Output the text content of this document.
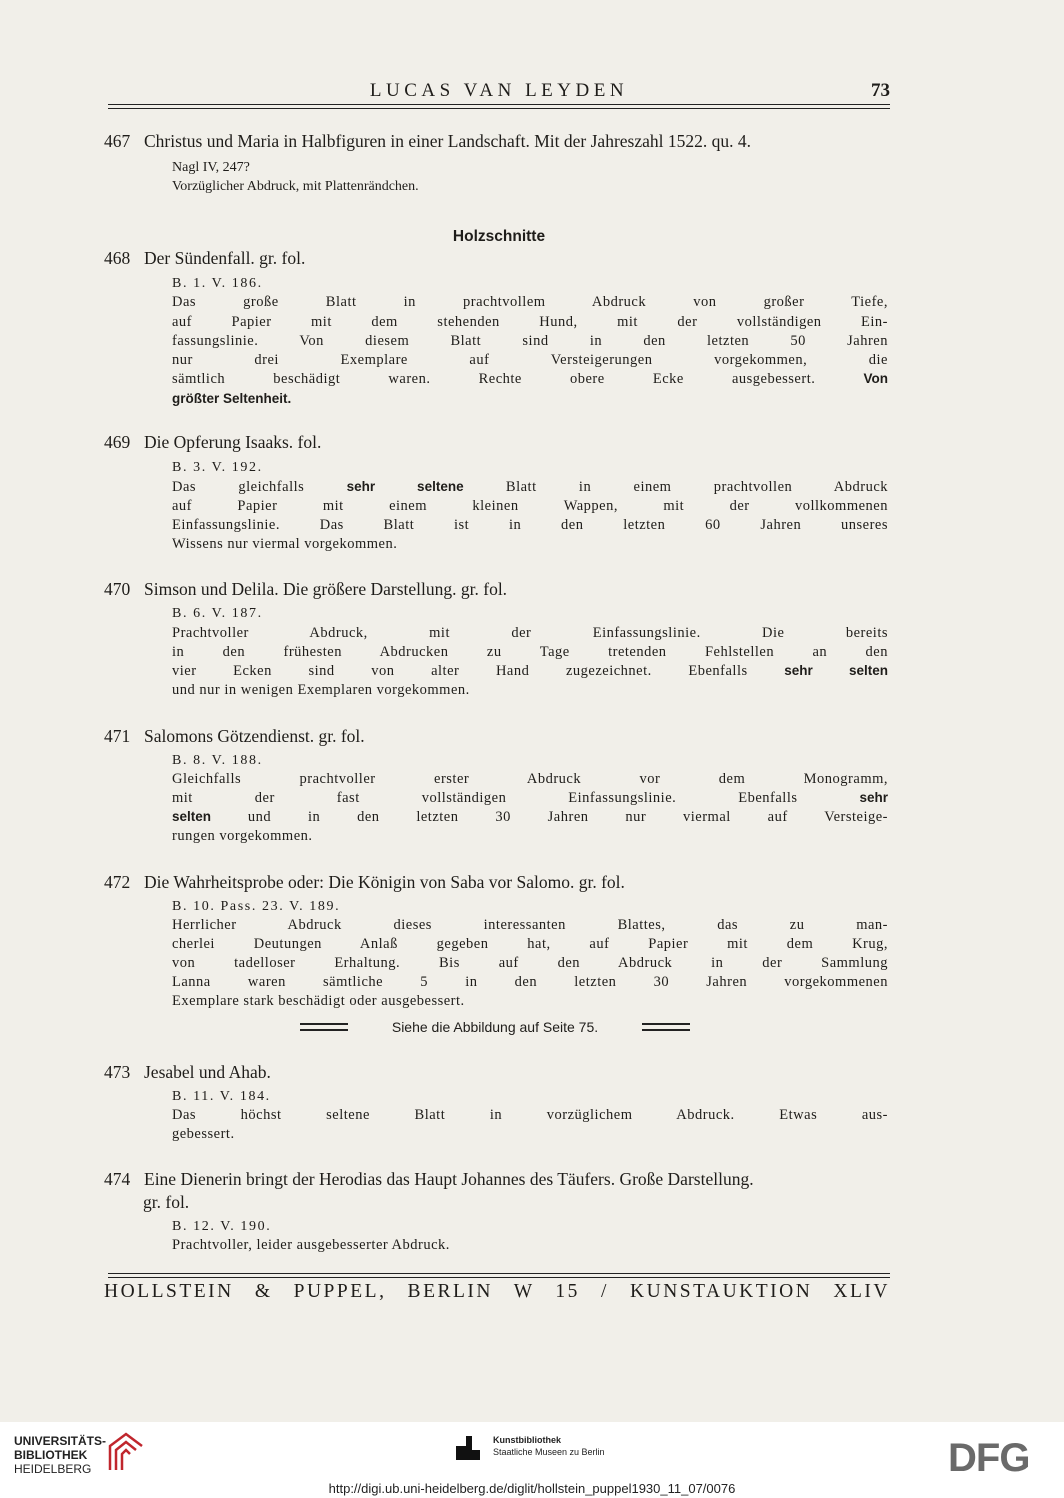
LUCAS VAN LEYDEN	73
467 Christus und Maria in Halbfiguren in einer Landschaft. Mit der Jahreszahl 1522. qu. 4.
Nagl IV, 247?
Vorzüglicher Abdruck, mit Plattenrändchen.
Holzschnitte
468 Der Sündenfall. gr. fol.
B. 1. V. 186.
Das große Blatt in prachtvollem Abdruck von großer Tiefe,
auf Papier mit dem stehenden Hund, mit der vollständigen Ein-
fassungslinie. Von diesem Blatt sind in den letzten 50 Jahren
nur drei Exemplare auf Versteigerungen vorgekommen, die
sämtlich beschädigt waren. Rechte obere Ecke ausgebessert.	Von
größter Seltenheit.
469 Die Opferung Isaaks. fol.
B. 3. V. 192.
Das gleichfalls	sehr seltene	Blatt in einem prachtvollen Abdruck
auf Papier mit einem kleinen Wappen, mit der vollkommenen
Einfassungslinie. Das Blatt ist in den letzten 60 Jahren unseres
Wissens nur viermal vorgekommen.
470 Simson und Delila. Die größere Darstellung. gr. fol.
B. 6. V. 187.
Prachtvoller Abdruck, mit der Einfassungslinie. Die bereits
in den frühesten Abdrucken zu Tage tretenden Fehlstellen an den
vier Ecken sind von alter Hand zugezeichnet. Ebenfalls	sehr selten
und nur in wenigen Exemplaren vorgekommen.
471 Salomons Götzendienst. gr. fol.
B. 8. V. 188.
Gleichfalls prachtvoller erster Abdruck vor dem Monogramm,
mit der fast vollständigen Einfassungslinie. Ebenfalls	sehr
selten	und in den letzten 30 Jahren nur viermal auf Versteige-
rungen vorgekommen.
472 Die Wahrheitsprobe oder: Die Königin von Saba vor Salomo. gr. fol.
B. 10. Pass. 23. V. 189.
Herrlicher Abdruck dieses interessanten Blattes, das zu man-
cherlei Deutungen Anlaß gegeben hat, auf Papier mit dem Krug,
von tadelloser Erhaltung. Bis auf den Abdruck in der Sammlung
Lanna waren sämtliche 5 in den letzten 30 Jahren vorgekommenen
Exemplare stark beschädigt oder ausgebessert.
Siehe die Abbildung auf Seite 75.
473 Jesabel und Ahab.
B. 11. V. 184.
Das höchst seltene Blatt in vorzüglichem Abdruck. Etwas aus-
gebessert.
474 Eine Dienerin bringt der Herodias das Haupt Johannes des Täufers. Große Darstellung.
gr. fol.
B. 12. V. 190.
Prachtvoller, leider ausgebesserter Abdruck.
HOLLSTEIN & PUPPEL, BERLIN W 15 / KUNSTAUKTION XLIV
UNIVERSITÄTS-
BIBLIOTHEK
HEIDELBERG
Kunstbibliothek
Staatliche Museen zu Berlin	DFG
http://digi.ub.uni-heidelberg.de/diglit/hollstein_puppel1930_11_07/0076
